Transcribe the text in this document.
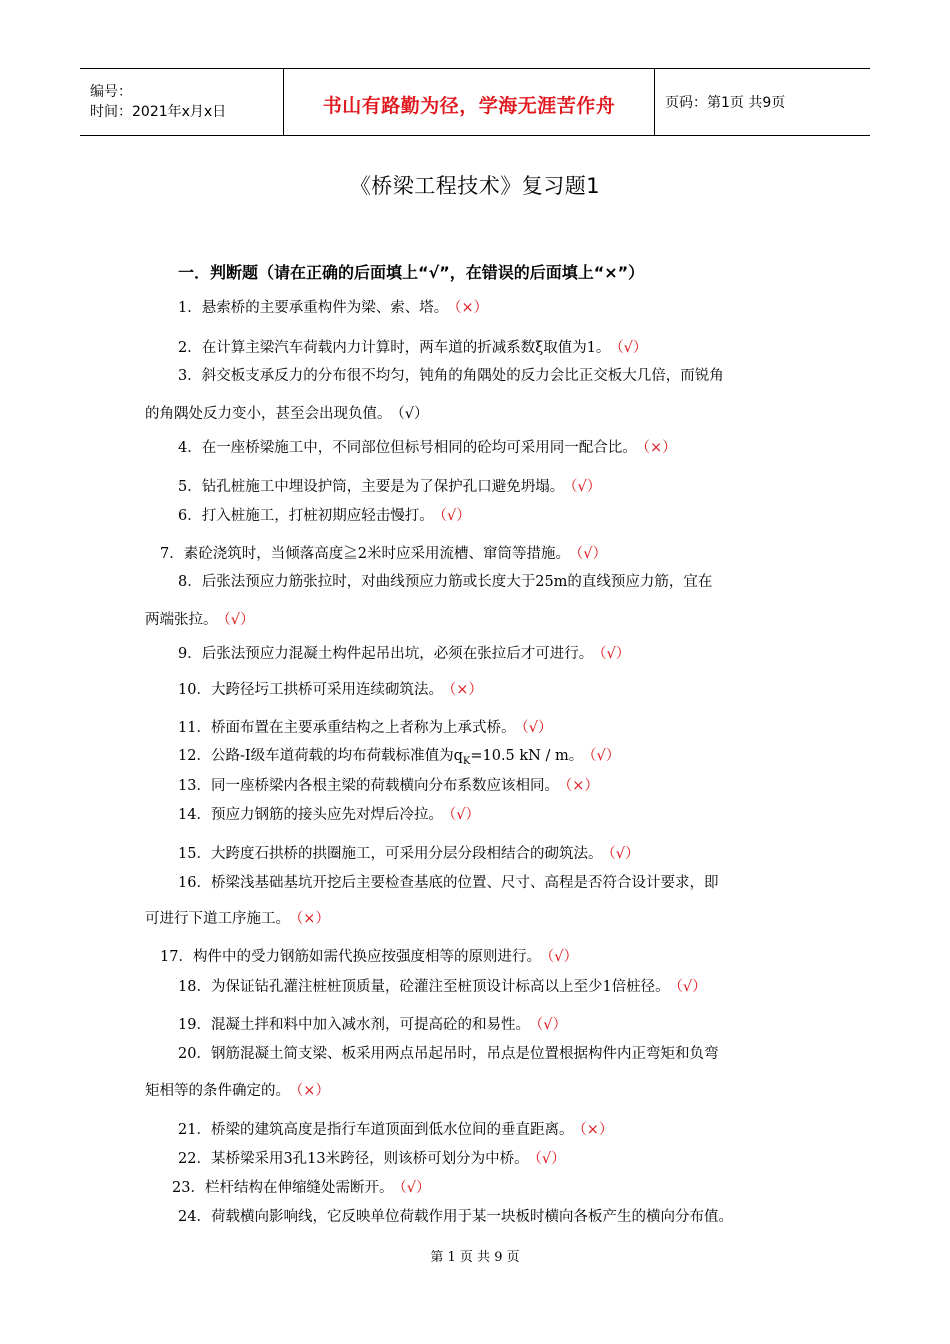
编号：
时间：2021年x月x日	书山有路勤为径，学海无涯苦作舟	页码：第1页 共9页
《桥梁工程技术》复习题1
一．判断题（请在正确的后面填上“√”，在错误的后面填上“×”）
1．悬索桥的主要承重构件为梁、索、塔。 （×）
2．在计算主梁汽车荷载内力计算时，两车道的折减系数ξ取值为1。 （√）
3．斜交板支承反力的分布很不均匀，钝角的角隅处的反力会比正交板大几倍，而锐角
的角隅处反力变小，甚至会出现负值。 （√）
4．在一座桥梁施工中，不同部位但标号相同的砼均可采用同一配合比。 （×）
5．钻孔桩施工中埋设护筒，主要是为了保护孔口避免坍塌。 （√）
6．打入桩施工，打桩初期应轻击慢打。 （√）
7．素砼浇筑时，当倾落高度≧2米时应采用流槽、窜筒等措施。 （√）
8．后张法预应力筋张拉时，对曲线预应力筋或长度大于25m的直线预应力筋，宜在
两端张拉。 （√）
9．后张法预应力混凝土构件起吊出坑，必须在张拉后才可进行。 （√）
10．大跨径圬工拱桥可采用连续砌筑法。 （×）
11．桥面布置在主要承重结构之上者称为上承式桥。 （√）
12．公路-I级车道荷载的均布荷载标准值为$q_K=10.5$ kN / m。 （√）
13．同一座桥梁内各根主梁的荷载横向分布系数应该相同。 （×）
14．预应力钢筋的接头应先对焊后冷拉。 （√）
15．大跨度石拱桥的拱圈施工，可采用分层分段相结合的砌筑法。 （√）
16．桥梁浅基础基坑开挖后主要检查基底的位置、尺寸、高程是否符合设计要求，即
可进行下道工序施工。 （×）
17．构件中的受力钢筋如需代换应按强度相等的原则进行。 （√）
18．为保证钻孔灌注桩桩顶质量，砼灌注至桩顶设计标高以上至少1倍桩径。 （√）
19．混凝土拌和料中加入减水剂，可提高砼的和易性。 （√）
20．钢筋混凝土简支梁、板采用两点吊起吊时，吊点是位置根据构件内正弯矩和负弯
矩相等的条件确定的。 （×）
21．桥梁的建筑高度是指行车道顶面到低水位间的垂直距离。 （×）
22．某桥梁采用3孔13米跨径，则该桥可划分为中桥。 （√）
23．栏杆结构在伸缩缝处需断开。 （√）
24．荷载横向影响线，它反映单位荷载作用于某一块板时横向各板产生的横向分布值。
第 1 页 共 9 页
